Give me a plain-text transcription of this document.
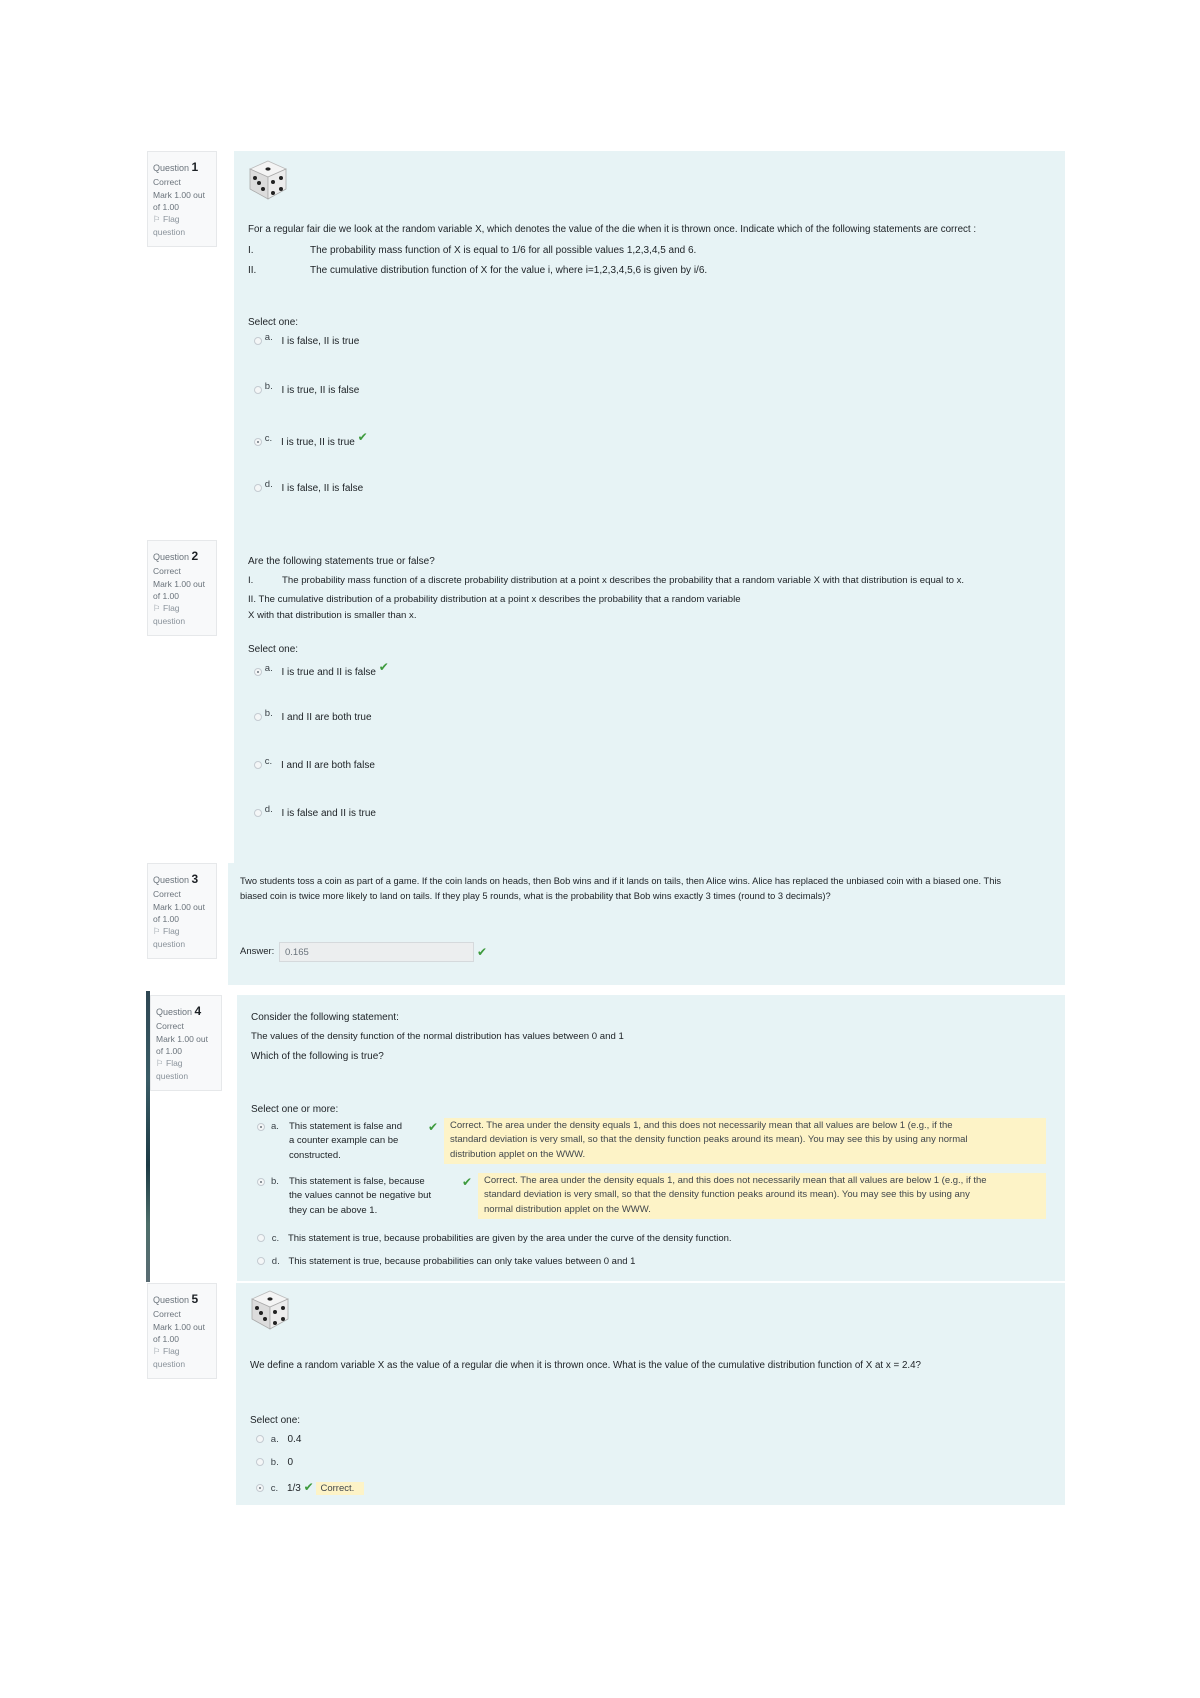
Question 1
Correct
Mark 1.00 out of 1.00
⚐ Flag question	For a regular fair die we look at the random variable X, which denotes the value of the die when it is thrown once. Indicate which of the following statements are correct :
I.	The probability mass function of X is equal to 1/6 for all possible values 1,2,3,4,5 and 6.
II.	The cumulative distribution function of X for the value i, where i=1,2,3,4,5,6 is given by i/6.
Select one:
a. I is false, II is true
b. I is true, II is false
c. I is true, II is true ✔
d. I is false, II is false
Question 2
Correct
Mark 1.00 out of 1.00
⚐ Flag question
Are the following statements true or false?
I.	The probability mass function of a discrete probability distribution at a point x describes the probability that a random variable X with that distribution is equal to x.
II. The cumulative distribution of a probability distribution at a point x describes the probability that a random variable
X with that distribution is smaller than x.
Select one:
a. I is true and II is false ✔
b. I and II are both true
c. I and II are both false
d. I is false and II is true
Question 3
Correct
Mark 1.00 out of 1.00
⚐ Flag question
Two students toss a coin as part of a game. If the coin lands on heads, then Bob wins and if it lands on tails, then Alice wins. Alice has replaced the unbiased coin with a biased one. This
biased coin is twice more likely to land on tails. If they play 5 rounds, what is the probability that Bob wins exactly 3 times (round to 3 decimals)?
Answer:	0.165	✔
Question 4
Correct
Mark 1.00 out of 1.00
⚐ Flag question
Consider the following statement:
The values of the density function of the normal distribution has values between 0 and 1
Which of the following is true?
Select one or more:
a. This statement is false and
a counter example can be
constructed.
✔ Correct. The area under the density equals 1, and this does not necessarily mean that all values are below 1 (e.g., if the
standard deviation is very small, so that the density function peaks around its mean). You may see this by using any normal
distribution applet on the WWW.
b. This statement is false, because
the values cannot be negative but
they can be above 1.
✔ Correct. The area under the density equals 1, and this does not necessarily mean that all values are below 1 (e.g., if the
standard deviation is very small, so that the density function peaks around its mean). You may see this by using any
normal distribution applet on the WWW.
c. This statement is true, because probabilities are given by the area under the curve of the density function.
d. This statement is true, because probabilities can only take values between 0 and 1
Question 5
Correct
Mark 1.00 out of 1.00
⚐ Flag question	We define a random variable X as the value of a regular die when it is thrown once. What is the value of the cumulative distribution function of X at x = 2.4?
Select one:
a. 0.4
b. 0
c. 1/3 ✔ Correct.
